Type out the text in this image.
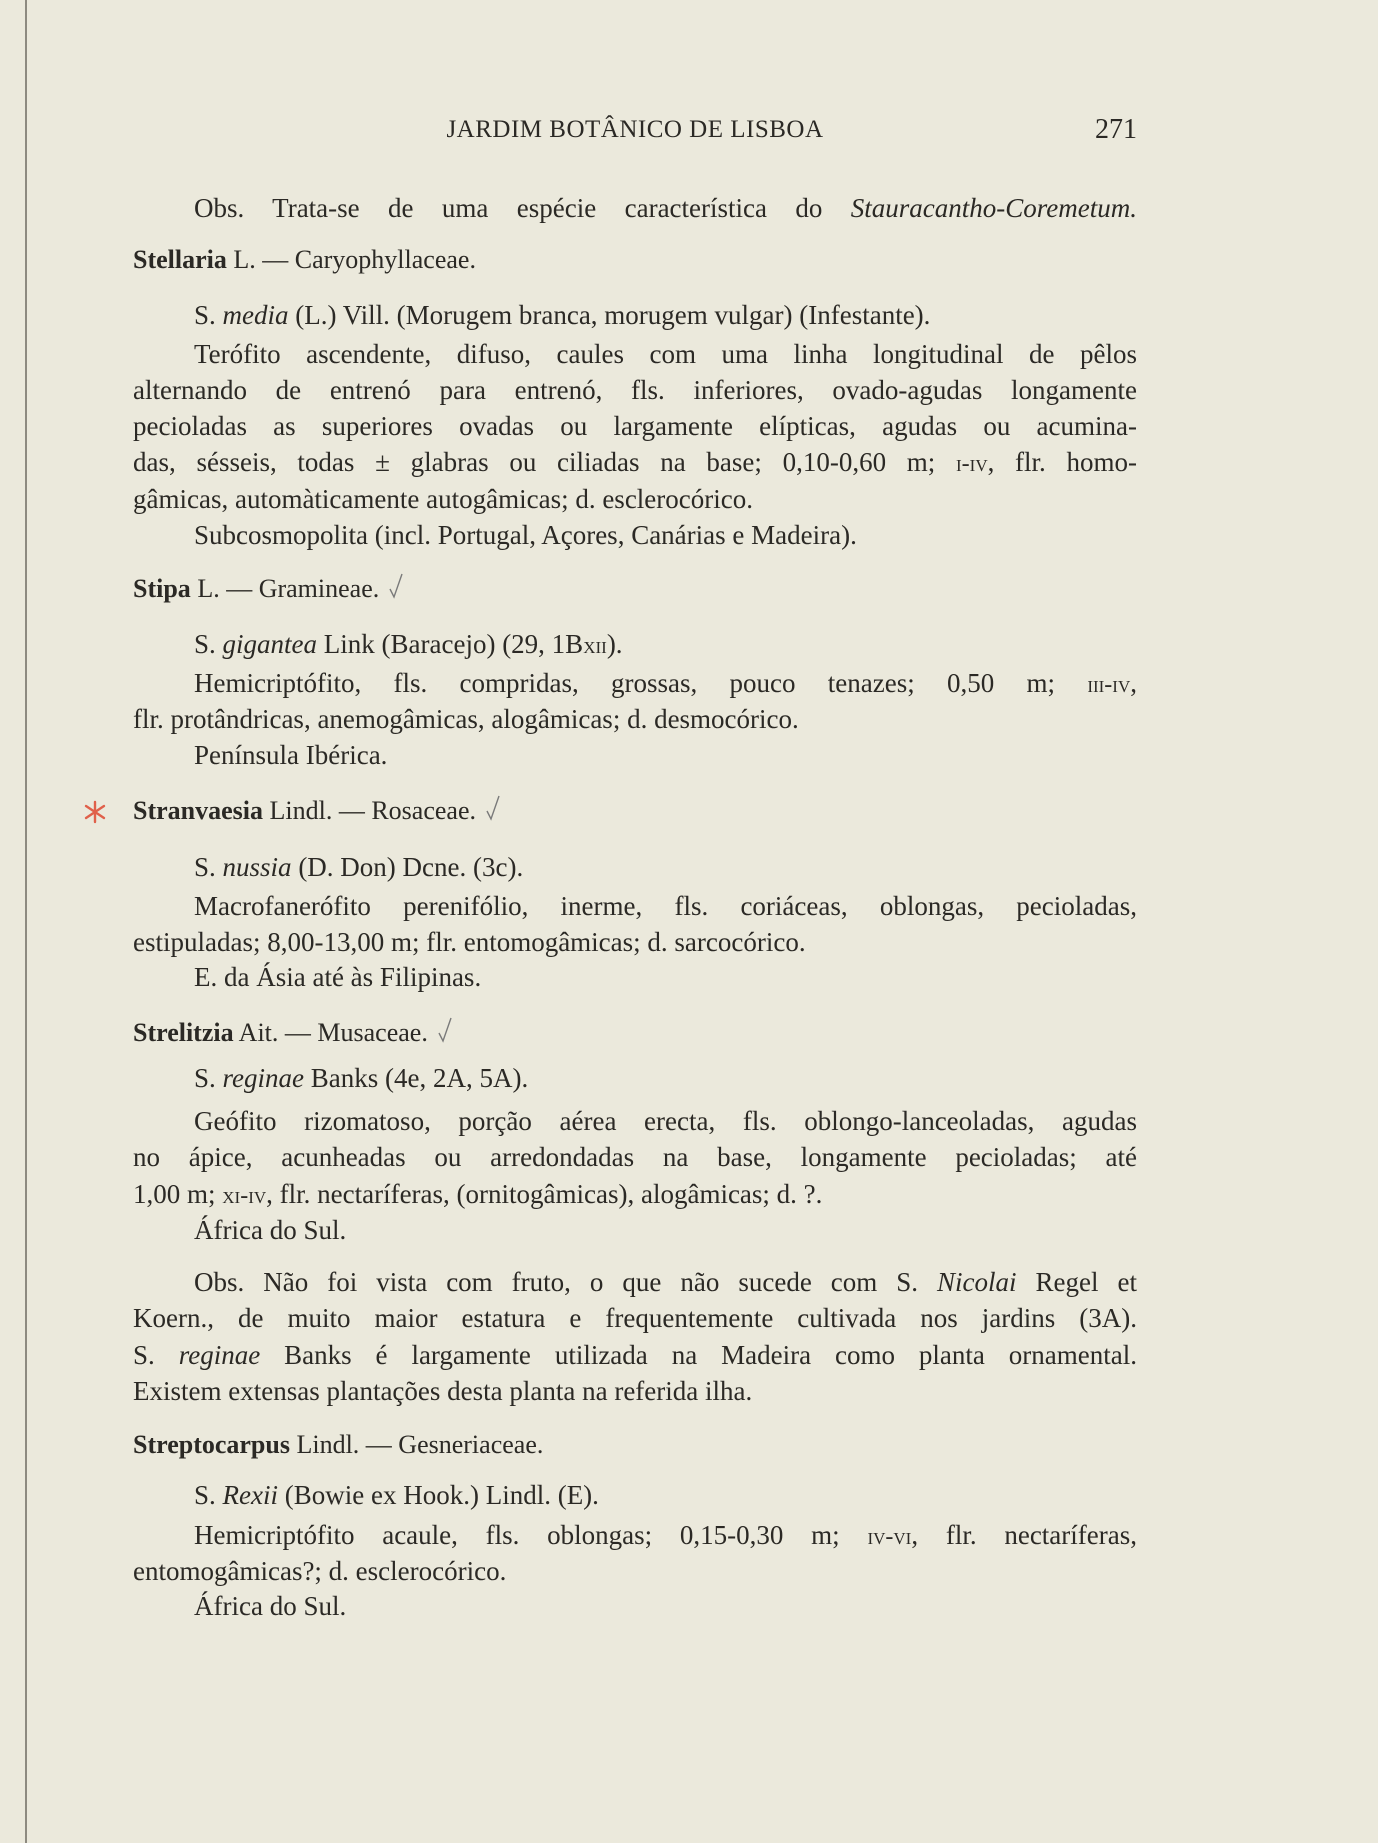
JARDIM BOTÂNICO DE LISBOA	271
Obs. Trata-se de uma espécie característica do Stauracantho-Coremetum.
Stellaria L. — Caryophyllaceae.
S. media (L.) Vill. (Morugem branca, morugem vulgar) (Infestante).
Terófito ascendente, difuso, caules com uma linha longitudinal de pêlos
alternando de entrenó para entrenó, fls. inferiores, ovado-agudas longamente
pecioladas as superiores ovadas ou largamente elípticas, agudas ou acumina-
das, sésseis, todas ± glabras ou ciliadas na base; 0,10-0,60 m; i-iv, flr. homo-
gâmicas, automàticamente autogâmicas; d. esclerocórico.
Subcosmopolita (incl. Portugal, Açores, Canárias e Madeira).
Stipa L. — Gramineae.
S. gigantea Link (Baracejo) (29, 1Bxii).
Hemicriptófito, fls. compridas, grossas, pouco tenazes; 0,50 m; iii-iv,
flr. protândricas, anemogâmicas, alogâmicas; d. desmocórico.
Península Ibérica.
Stranvaesia Lindl. — Rosaceae.
S. nussia (D. Don) Dcne. (3c).
Macrofanerófito perenifólio, inerme, fls. coriáceas, oblongas, pecioladas,
estipuladas; 8,00-13,00 m; flr. entomogâmicas; d. sarcocórico.
E. da Ásia até às Filipinas.
Strelitzia Ait. — Musaceae.
S. reginae Banks (4e, 2A, 5A).
Geófito rizomatoso, porção aérea erecta, fls. oblongo-lanceoladas, agudas
no ápice, acunheadas ou arredondadas na base, longamente pecioladas; até
1,00 m; xi-iv, flr. nectaríferas, (ornitogâmicas), alogâmicas; d. ?.
África do Sul.
Obs. Não foi vista com fruto, o que não sucede com S. Nicolai Regel et
Koern., de muito maior estatura e frequentemente cultivada nos jardins (3A).
S. reginae Banks é largamente utilizada na Madeira como planta ornamental.
Existem extensas plantações desta planta na referida ilha.
Streptocarpus Lindl. — Gesneriaceae.
S. Rexii (Bowie ex Hook.) Lindl. (E).
Hemicriptófito acaule, fls. oblongas; 0,15-0,30 m; iv-vi, flr. nectaríferas,
entomogâmicas?; d. esclerocórico.
África do Sul.
